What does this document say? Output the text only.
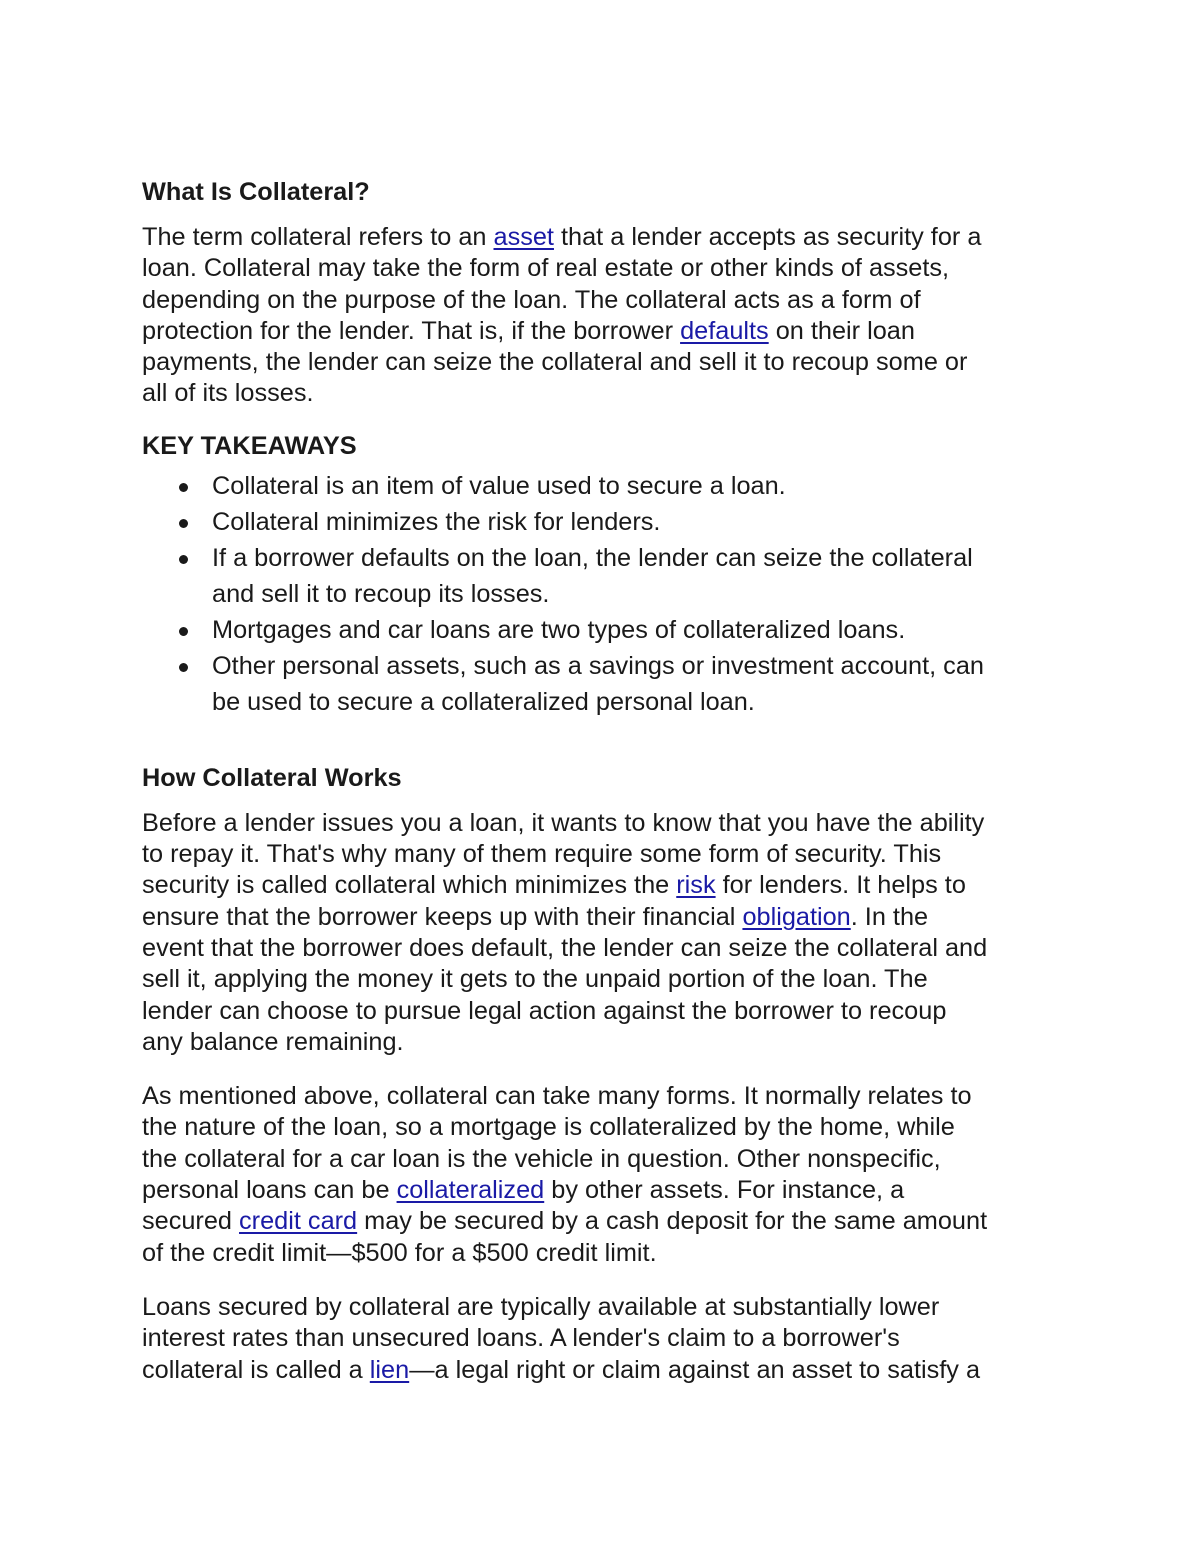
What Is Collateral?

The term collateral refers to an asset that a lender accepts as security for a
loan. Collateral may take the form of real estate or other kinds of assets,
depending on the purpose of the loan. The collateral acts as a form of
protection for the lender. That is, if the borrower defaults on their loan
payments, the lender can seize the collateral and sell it to recoup some or
all of its losses.

KEY TAKEAWAYS
Collateral is an item of value used to secure a loan.
Collateral minimizes the risk for lenders.
If a borrower defaults on the loan, the lender can seize the collateral
and sell it to recoup its losses.
Mortgages and car loans are two types of collateralized loans.
Other personal assets, such as a savings or investment account, can
be used to secure a collateralized personal loan.
How Collateral Works

Before a lender issues you a loan, it wants to know that you have the ability
to repay it. That's why many of them require some form of security. This
security is called collateral which minimizes the risk for lenders. It helps to
ensure that the borrower keeps up with their financial obligation. In the
event that the borrower does default, the lender can seize the collateral and
sell it, applying the money it gets to the unpaid portion of the loan. The
lender can choose to pursue legal action against the borrower to recoup
any balance remaining.

As mentioned above, collateral can take many forms. It normally relates to
the nature of the loan, so a mortgage is collateralized by the home, while
the collateral for a car loan is the vehicle in question. Other nonspecific,
personal loans can be collateralized by other assets. For instance, a
secured credit card may be secured by a cash deposit for the same amount
of the credit limit—$500 for a $500 credit limit.

Loans secured by collateral are typically available at substantially lower
interest rates than unsecured loans. A lender's claim to a borrower's
collateral is called a lien—a legal right or claim against an asset to satisfy a
